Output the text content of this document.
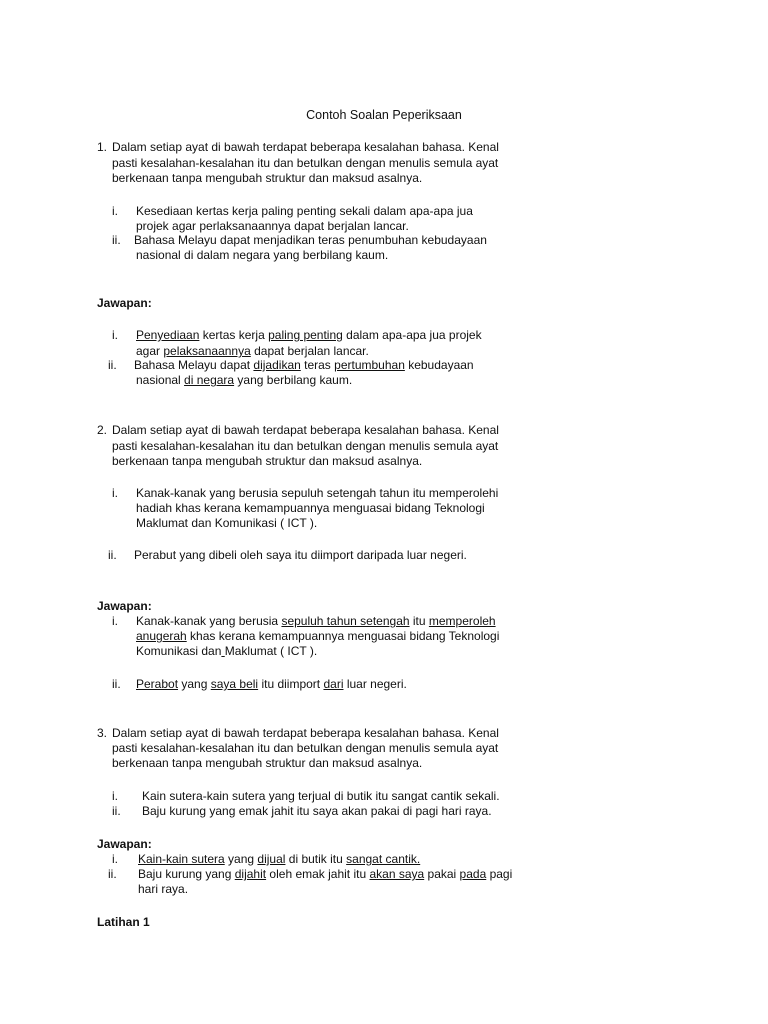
Contoh Soalan Peperiksaan
1. Dalam setiap ayat di bawah terdapat beberapa kesalahan bahasa. Kenal
pasti kesalahan-kesalahan itu dan betulkan dengan menulis semula ayat
berkenaan tanpa mengubah struktur dan maksud asalnya.
i. Kesediaan kertas kerja paling penting sekali dalam apa-apa jua
projek agar perlaksanaannya dapat berjalan lancar.
ii. Bahasa Melayu dapat menjadikan teras penumbuhan kebudayaan
nasional di dalam negara yang berbilang kaum.
Jawapan:
i. Penyediaan kertas kerja paling penting dalam apa-apa jua projek
agar pelaksanaannya dapat berjalan lancar.
ii. Bahasa Melayu dapat dijadikan teras pertumbuhan kebudayaan
nasional di negara yang berbilang kaum.
2. Dalam setiap ayat di bawah terdapat beberapa kesalahan bahasa. Kenal
pasti kesalahan-kesalahan itu dan betulkan dengan menulis semula ayat
berkenaan tanpa mengubah struktur dan maksud asalnya.
i. Kanak-kanak yang berusia sepuluh setengah tahun itu memperolehi
hadiah khas kerana kemampuannya menguasai bidang Teknologi
Maklumat dan Komunikasi ( ICT ).
ii. Perabut yang dibeli oleh saya itu diimport daripada luar negeri.
Jawapan:
i. Kanak-kanak yang berusia sepuluh tahun setengah itu memperoleh
anugerah khas kerana kemampuannya menguasai bidang Teknologi
Komunikasi dan Maklumat ( ICT ).
ii. Perabot yang saya beli itu diimport dari luar negeri.
3. Dalam setiap ayat di bawah terdapat beberapa kesalahan bahasa. Kenal
pasti kesalahan-kesalahan itu dan betulkan dengan menulis semula ayat
berkenaan tanpa mengubah struktur dan maksud asalnya.
i. Kain sutera-kain sutera yang terjual di butik itu sangat cantik sekali.
ii. Baju kurung yang emak jahit itu saya akan pakai di pagi hari raya.
Jawapan:
i. Kain-kain sutera yang dijual di butik itu sangat cantik.
ii. Baju kurung yang dijahit oleh emak jahit itu akan saya pakai pada pagi
hari raya.
Latihan 1
